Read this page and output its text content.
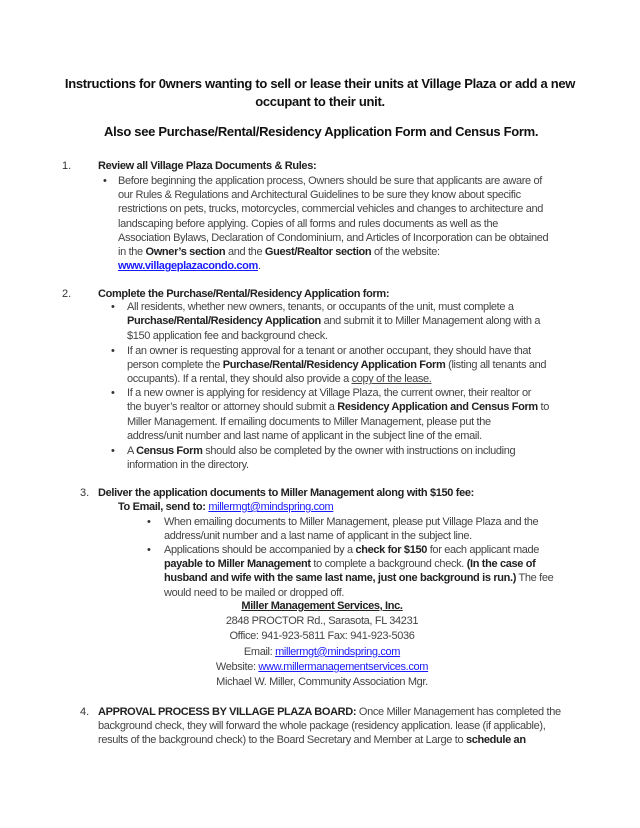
Instructions for 0wners wanting to sell or lease their units at Village Plaza or add a new
occupant to their unit.
Also see Purchase/Rental/Residency Application Form and Census Form.
1. Review all Village Plaza Documents & Rules:
• Before beginning the application process, Owners should be sure that applicants are aware of
our Rules & Regulations and Architectural Guidelines to be sure they know about specific
restrictions on pets, trucks, motorcycles, commercial vehicles and changes to architecture and
landscaping before applying. Copies of all forms and rules documents as well as the
Association Bylaws, Declaration of Condominium, and Articles of Incorporation can be obtained
in the Owner’s section and the Guest/Realtor section of the website:
www.villageplazacondo.com.
2. Complete the Purchase/Rental/Residency Application form:
• All residents, whether new owners, tenants, or occupants of the unit, must complete a
Purchase/Rental/Residency Application and submit it to Miller Management along with a
$150 application fee and background check.
• If an owner is requesting approval for a tenant or another occupant, they should have that
person complete the Purchase/Rental/Residency Application Form (listing all tenants and
occupants). If a rental, they should also provide a copy of the lease.
• If a new owner is applying for residency at Village Plaza, the current owner, their realtor or
the buyer’s realtor or attorney should submit a Residency Application and Census Form to
Miller Management. If emailing documents to Miller Management, please put the
address/unit number and last name of applicant in the subject line of the email.
• A Census Form should also be completed by the owner with instructions on including
information in the directory.
3. Deliver the application documents to Miller Management along with $150 fee:
To Email, send to: millermgt@mindspring.com
• When emailing documents to Miller Management, please put Village Plaza and the
address/unit number and a last name of applicant in the subject line.
• Applications should be accompanied by a check for $150 for each applicant made
payable to Miller Management to complete a background check. (In the case of
husband and wife with the same last name, just one background is run.) The fee
would need to be mailed or dropped off.
Miller Management Services, Inc.
2848 PROCTOR Rd., Sarasota, FL 34231
Office: 941-923-5811 Fax: 941-923-5036
Email: millermgt@mindspring.com
Website: www.millermanagementservices.com
Michael W. Miller, Community Association Mgr.
4. APPROVAL PROCESS BY VILLAGE PLAZA BOARD: Once Miller Management has completed the
background check, they will forward the whole package (residency application. lease (if applicable),
results of the background check) to the Board Secretary and Member at Large to schedule an
